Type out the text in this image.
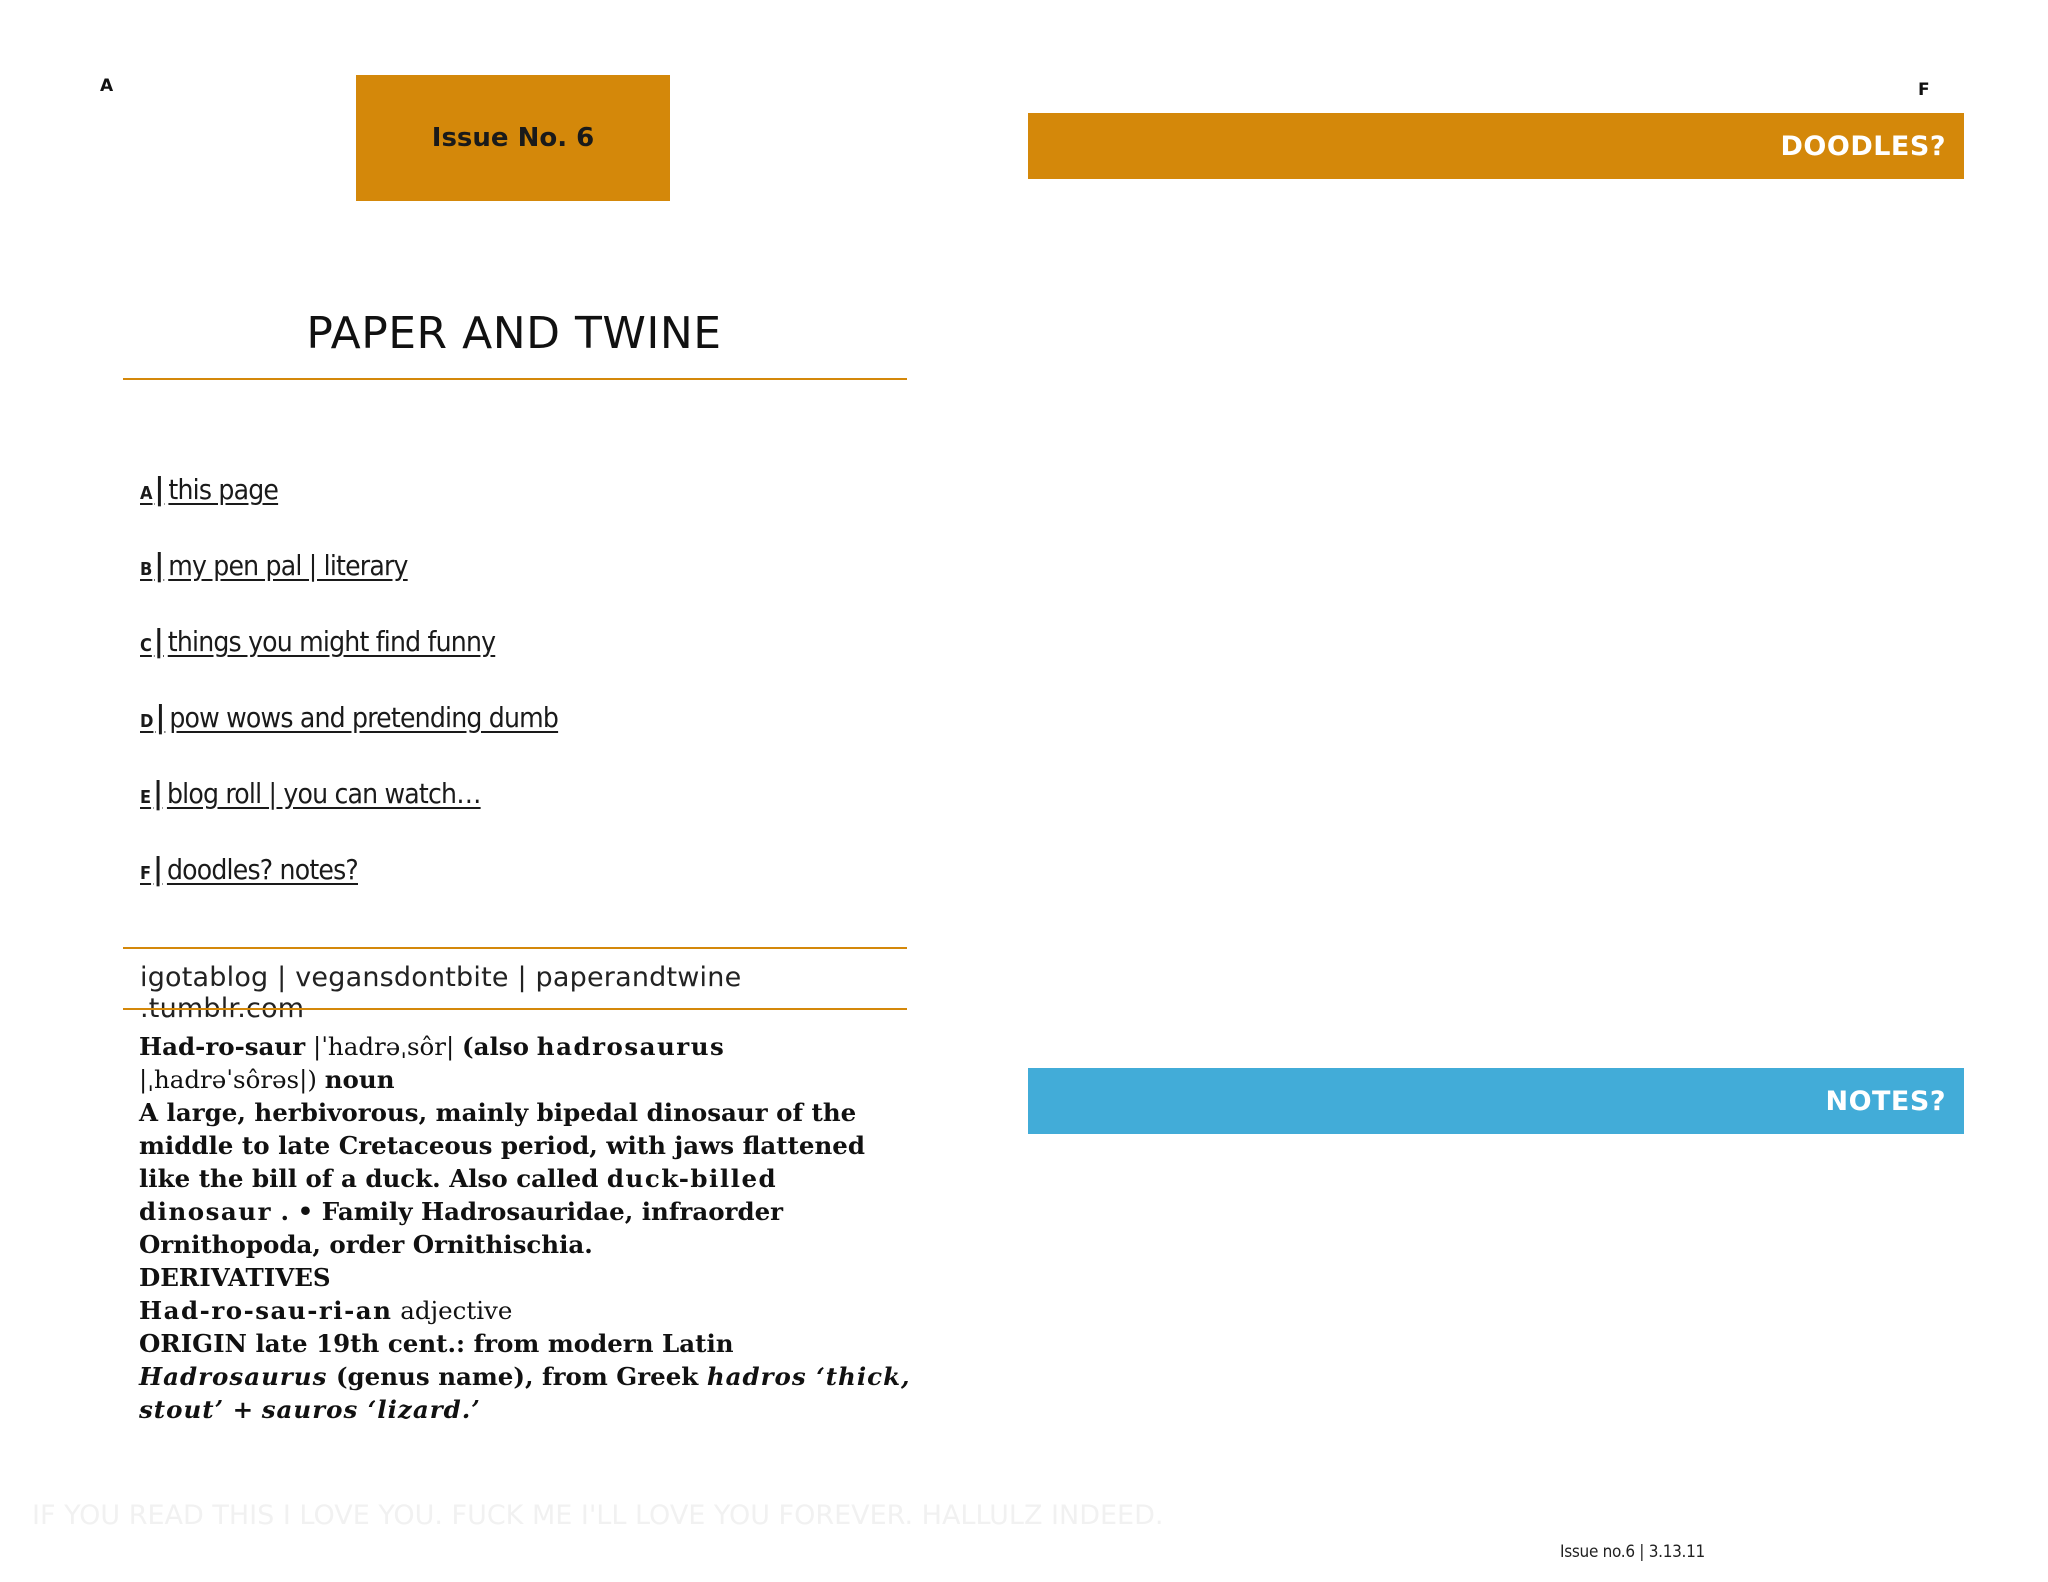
A
Issue No. 6
PAPER AND TWINE
A| this page
B| my pen pal | literary
C| things you might find funny
D| pow wows and pretending dumb
E| blog roll | you can watch…
F| doodles? notes?
igotablog | vegansdontbite | paperandtwine .tumblr.com
Had-ro-saur |ˈhadrəˌsôr| (also hadrosaurus
|ˌhadrəˈsôrəs|) noun
A large, herbivorous, mainly bipedal dinosaur of the middle to late Cretaceous period, with jaws flattened like the bill of a duck. Also called duck-billed dinosaur . • Family Hadrosauridae, infraorder Ornithopoda, order Ornithischia.
DERIVATIVES
Had-ro-sau-ri-an adjective
ORIGIN late 19th cent.: from modern Latin Hadrosaurus (genus name), from Greek hadros ‘thick, stout’ + sauros ‘lizard.’
IF YOU READ THIS I LOVE YOU. FUCK ME I'LL LOVE YOU FOREVER. HALLULZ INDEED.
F
DOODLES?
NOTES?
Issue no.6 | 3.13.11
